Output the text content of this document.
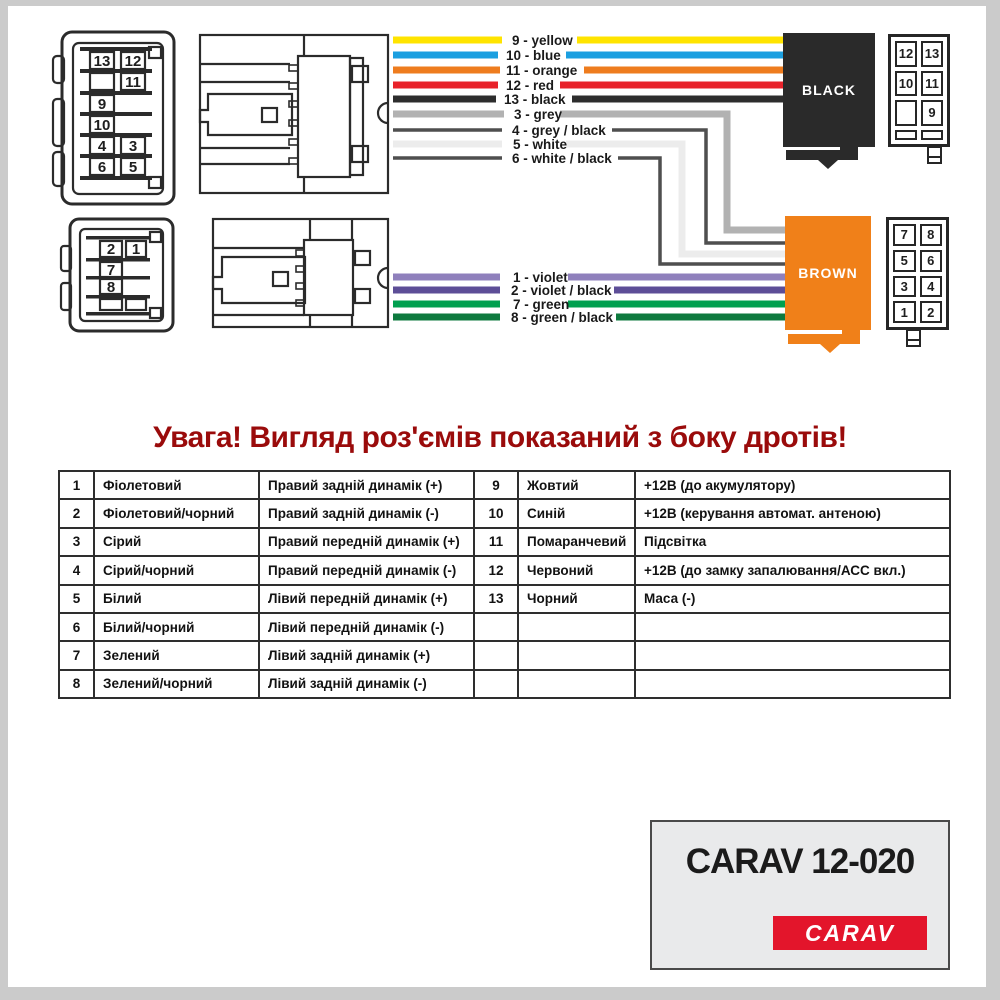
13 12
11
9
10
4 3
6 5
2 1
7
8
9 - yellow
10 - blue
11 - orange
12 - red
13 - black
3 - grey
4 - grey / black
5 - white
6 - white / black
1 - violet
2 - violet / black
7 - green
8 - green / black
BLACK
BROWN
12 13
10 11
9
7	8
5	6
3	4
1	2
Увага! Вигляд роз'ємів показаний з боку дротів!
1	Фіолетовий	Правий задній динамік (+)	9	Жовтий	+12В (до акумулятору)
2	Фіолетовий/чорний	Правий задній динамік (-)	10	Синій	+12В (керування автомат. антеною)
3	Сірий	Правий передній динамік (+)	11	Помаранчевий	Підсвітка
4	Сірий/чорний	Правий передній динамік (-)	12	Червоний	+12В (до замку запалювання/АСС вкл.)
5	Білий	Лівий передній динамік (+)	13	Чорний	Маса (-)
6	Білий/чорний	Лівий передній динамік (-)			
7	Зелений	Лівий задній динамік (+)			
8	Зелений/чорний	Лівий задній динамік (-)			
CARAV 12-020
CARAV
